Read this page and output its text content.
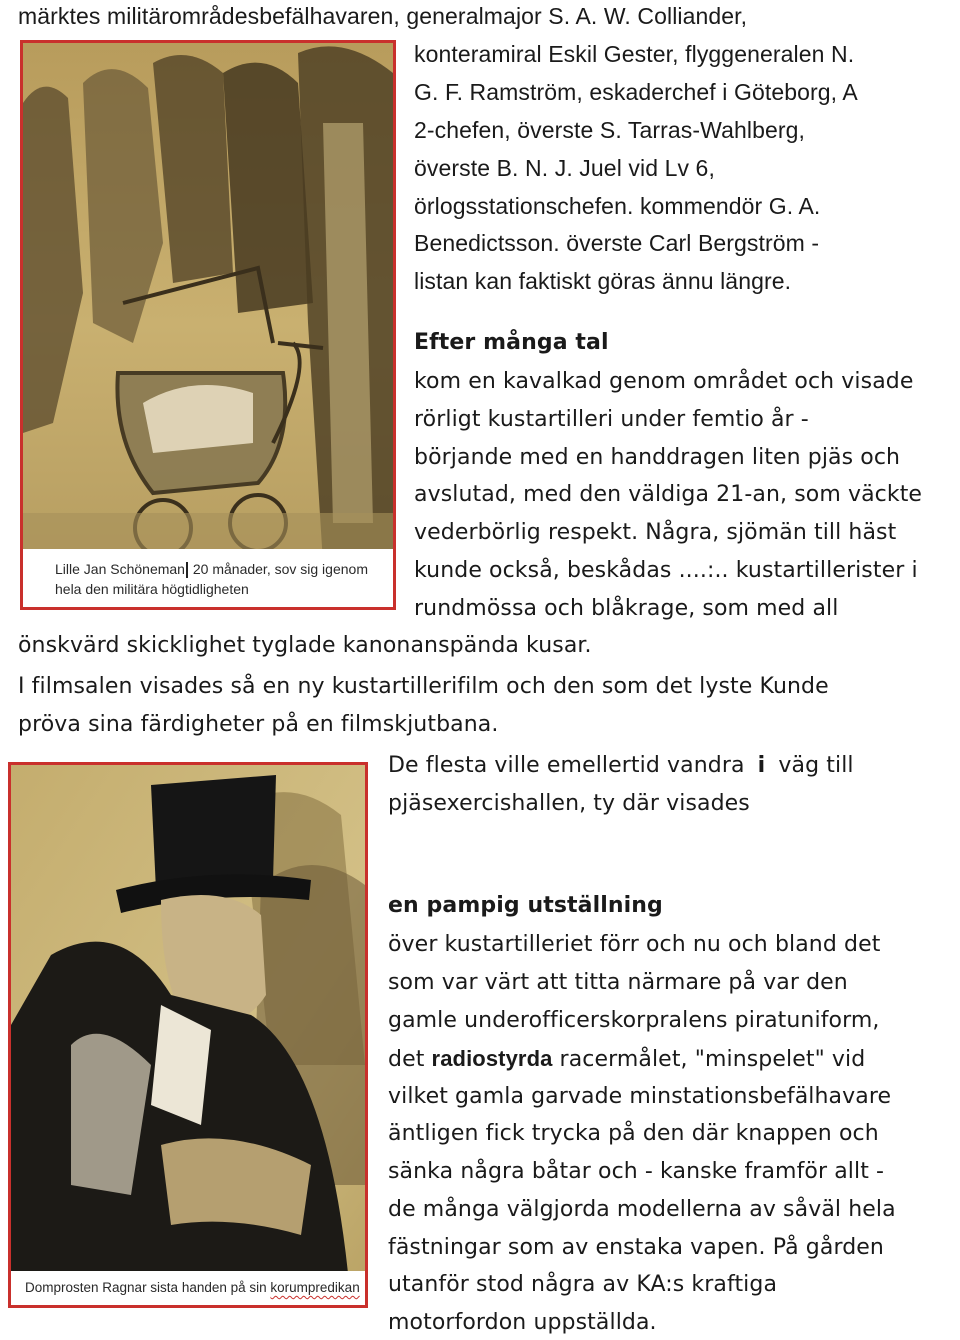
märktes militärområdesbefälhavaren, generalmajor S. A. W. Colliander,
konteramiral Eskil Gester, flyggeneralen N.
G. F. Ramström, eskaderchef i Göteborg, A
2-chefen, överste S. Tarras-Wahlberg,
överste B. N. J. Juel vid Lv 6,
örlogsstationschefen. kommendör G. A.
Benedictsson. överste Carl Bergström -
listan kan faktiskt göras ännu längre.
Efter många tal
kom en kavalkad genom området och visade
rörligt kustartilleri under femtio år -
börjande med en handdragen liten pjäs och
avslutad, med den väldiga 21-an, som väckte
vederbörlig respekt. Några, sjömän till häst
kunde också, beskådas ....:.. kustartillerister i
rundmössa och blåkrage, som med all
önskvärd skicklighet tyglade kanonanspända kusar.
I filmsalen visades så en ny kustartillerifilm och den som det lyste Kunde
pröva sina färdigheter på en filmskjutbana.
Lille Jan Schöneman 20 månader, sov sig igenom
hela den militära högtidligheten
Domprosten Ragnar sista handen på sin korumpredikan
De flesta ville emellertid vandra i väg till
pjäsexercishallen, ty där visades
en pampig utställning
över kustartilleriet förr och nu och bland det
som var värt att titta närmare på var den
gamle underofficerskorpralens piratuniform,
det radiostyrda racermålet, "minspelet" vid
vilket gamla garvade minstationsbefälhavare
äntligen fick trycka på den där knappen och
sänka några båtar och - kanske framför allt -
de många välgjorda modellerna av såväl hela
fästningar som av enstaka vapen. På gården
utanför stod några av KA:s kraftiga
motorfordon uppställda.
